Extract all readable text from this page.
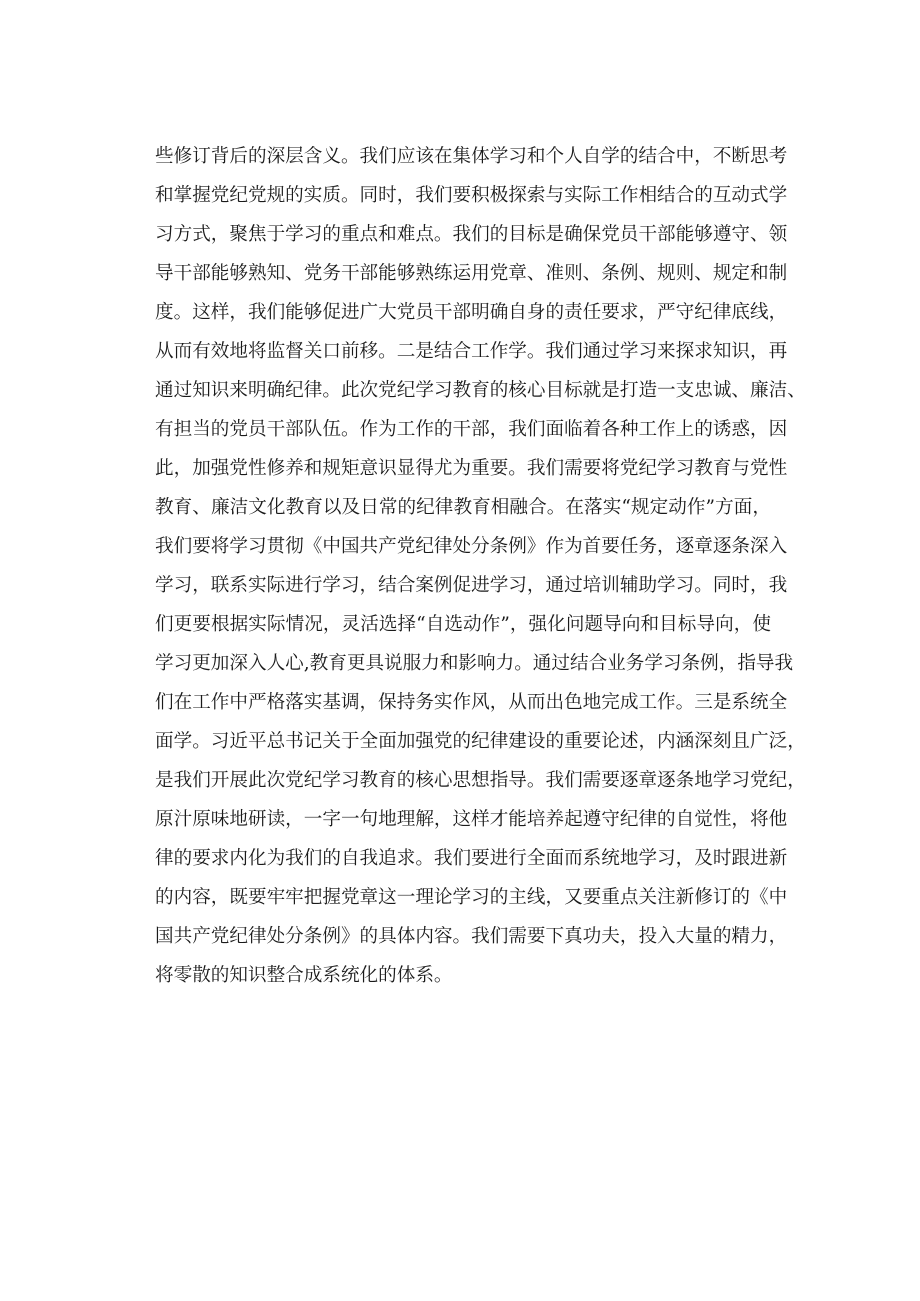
些修订背后的深层含义。我们应该在集体学习和个人自学的结合中，不断思考
和掌握党纪党规的实质。同时，我们要积极探索与实际工作相结合的互动式学
习方式，聚焦于学习的重点和难点。我们的目标是确保党员干部能够遵守、领
导干部能够熟知、党务干部能够熟练运用党章、准则、条例、规则、规定和制
度。这样，我们能够促进广大党员干部明确自身的责任要求，严守纪律底线，
从而有效地将监督关口前移。二是结合工作学。我们通过学习来探求知识，再
通过知识来明确纪律。此次党纪学习教育的核心目标就是打造一支忠诚、廉洁、
有担当的党员干部队伍。作为工作的干部，我们面临着各种工作上的诱惑，因
此，加强党性修养和规矩意识显得尤为重要。我们需要将党纪学习教育与党性
教育、廉洁文化教育以及日常的纪律教育相融合。在落实“规定动作”方面，
我们要将学习贯彻《中国共产党纪律处分条例》作为首要任务，逐章逐条深入
学习，联系实际进行学习，结合案例促进学习，通过培训辅助学习。同时，我
们更要根据实际情况，灵活选择“自选动作”，强化问题导向和目标导向，使
学习更加深入人心,教育更具说服力和影响力。通过结合业务学习条例，指导我
们在工作中严格落实基调，保持务实作风，从而出色地完成工作。三是系统全
面学。习近平总书记关于全面加强党的纪律建设的重要论述，内涵深刻且广泛，
是我们开展此次党纪学习教育的核心思想指导。我们需要逐章逐条地学习党纪，
原汁原味地研读，一字一句地理解，这样才能培养起遵守纪律的自觉性，将他
律的要求内化为我们的自我追求。我们要进行全面而系统地学习，及时跟进新
的内容，既要牢牢把握党章这一理论学习的主线，又要重点关注新修订的《中
国共产党纪律处分条例》的具体内容。我们需要下真功夫，投入大量的精力，
将零散的知识整合成系统化的体系。
